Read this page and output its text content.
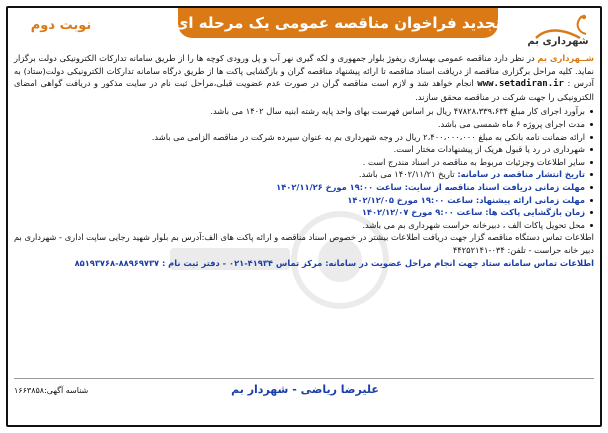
نوبت دوم	تجدید فراخوان مناقصه عمومی یک مرحله ای
شهرداری بم

شــهرداری بم در نظر دارد مناقصه عمومی بهسازی ریفوژ بلوار جمهوری و لکه گیری نهر آب و پل ورودی کوچه ها را از طریق سامانه تدارکات الکترونیکی دولت برگزار نماید. کلیه مراحل برگزاری مناقصه از دریافت اسناد مناقصه تا ارائه پیشنهاد مناقصه گران و بازگشایی پاکت ها از طریق درگاه سامانه تدارکات الکترونیکی دولت(ستاد) به آدرس : www.setadiran.ir انجام خواهد شد و لازم است مناقصه گران در صورت عدم عضویت قبلی،مراحل ثبت نام در سایت مذکور و دریافت گواهی امضای الکترونیکی را جهت شرکت در مناقصه محقق سازند.

برآورد اجرای کار مبلغ ۴۷۸۲۸،۳۳۹،۶۳۴ ریال بر اساس فهرست بهای واحد پایه رشته ابنیه سال ۱۴۰۲ می باشد.
مدت اجرای پروژه ۶ ماه شمسی می باشد.
ارائه ضمانت نامه بانکی به مبلغ ۲،۴۰۰،۰۰۰،۰۰۰ ریال در وجه شهرداری بم به عنوان سپرده شرکت در مناقصه الزامی می باشد.
شهرداری در رد یا قبول هریک از پیشنهادات مختار است.
سایر اطلاعات وجزئیات مربوط به مناقصه در اسناد مندرج است .
تاریخ انتشار مناقصه در سامانه: تاریخ ۱۴۰۲/۱۱/۲۱ می باشد.
مهلت زمانی دریافت اسناد مناقصه از سایت: ساعت ۱۹:۰۰ مورخ ۱۴۰۲/۱۱/۲۶
مهلت زمانی ارائه پیشنهاد: ساعت ۱۹:۰۰ مورخ ۱۴۰۲/۱۲/۰۵
زمان بازگشایی پاکت ها: ساعت ۹:۰۰ مورخ ۱۴۰۲/۱۲/۰۷
محل تحویل پاکات الف ، دبیرخانه حراست شهرداری بم می باشد.

اطلاعات تماس دستگاه مناقصه گزار جهت دریافت اطلاعات بیشتر در خصوص اسناد مناقصه و ارائه پاکت های الف:آدرس بم بلوار شهید رجایی ساپت اداری - شهرداری بم دبیر خانه حراست - تلفن: ۰۳۴-۴۴۲۵۲۱۴۱

اطلاعات تماس سامانه ستاد جهت انجام مراحل عضویت در سامانه: مرکز تماس ۴۱۹۳۴-۰۲۱ - دفتر ثبت نام : ۸۸۹۶۹۷۳۷-۸۵۱۹۳۷۶۸

علیرضا ریاضی - شهردار بم
شناسه آگهی:۱۶۶۳۸۵۸
